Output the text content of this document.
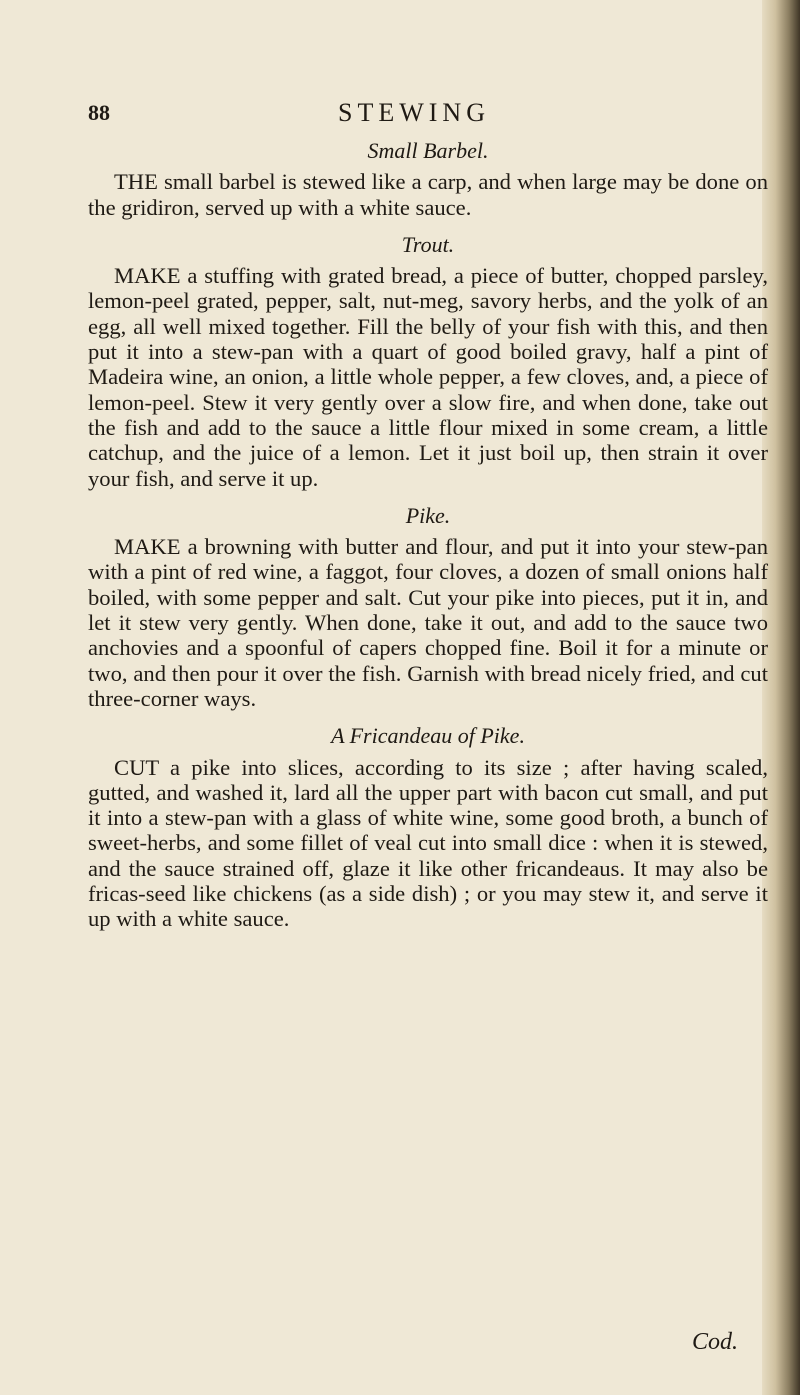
88	STEWING

Small Barbel.

THE small barbel is stewed like a carp, and when large may be done on the gridiron, served up with a white sauce.

Trout.

MAKE a stuffing with grated bread, a piece of butter, chopped parsley, lemon-peel grated, pepper, salt, nut-meg, savory herbs, and the yolk of an egg, all well mixed together. Fill the belly of your fish with this, and then put it into a stew-pan with a quart of good boiled gravy, half a pint of Madeira wine, an onion, a little whole pepper, a few cloves, and, a piece of lemon-peel. Stew it very gently over a slow fire, and when done, take out the fish and add to the sauce a little flour mixed in some cream, a little catchup, and the juice of a lemon. Let it just boil up, then strain it over your fish, and serve it up.

Pike.

MAKE a browning with butter and flour, and put it into your stew-pan with a pint of red wine, a faggot, four cloves, a dozen of small onions half boiled, with some pepper and salt. Cut your pike into pieces, put it in, and let it stew very gently. When done, take it out, and add to the sauce two anchovies and a spoonful of capers chopped fine. Boil it for a minute or two, and then pour it over the fish. Garnish with bread nicely fried, and cut three-corner ways.

A Fricandeau of Pike.

CUT a pike into slices, according to its size ; after having scaled, gutted, and washed it, lard all the upper part with bacon cut small, and put it into a stew-pan with a glass of white wine, some good broth, a bunch of sweet-herbs, and some fillet of veal cut into small dice : when it is stewed, and the sauce strained off, glaze it like other fricandeaus. It may also be fricas-seed like chickens (as a side dish) ; or you may stew it, and serve it up with a white sauce.

Cod.
